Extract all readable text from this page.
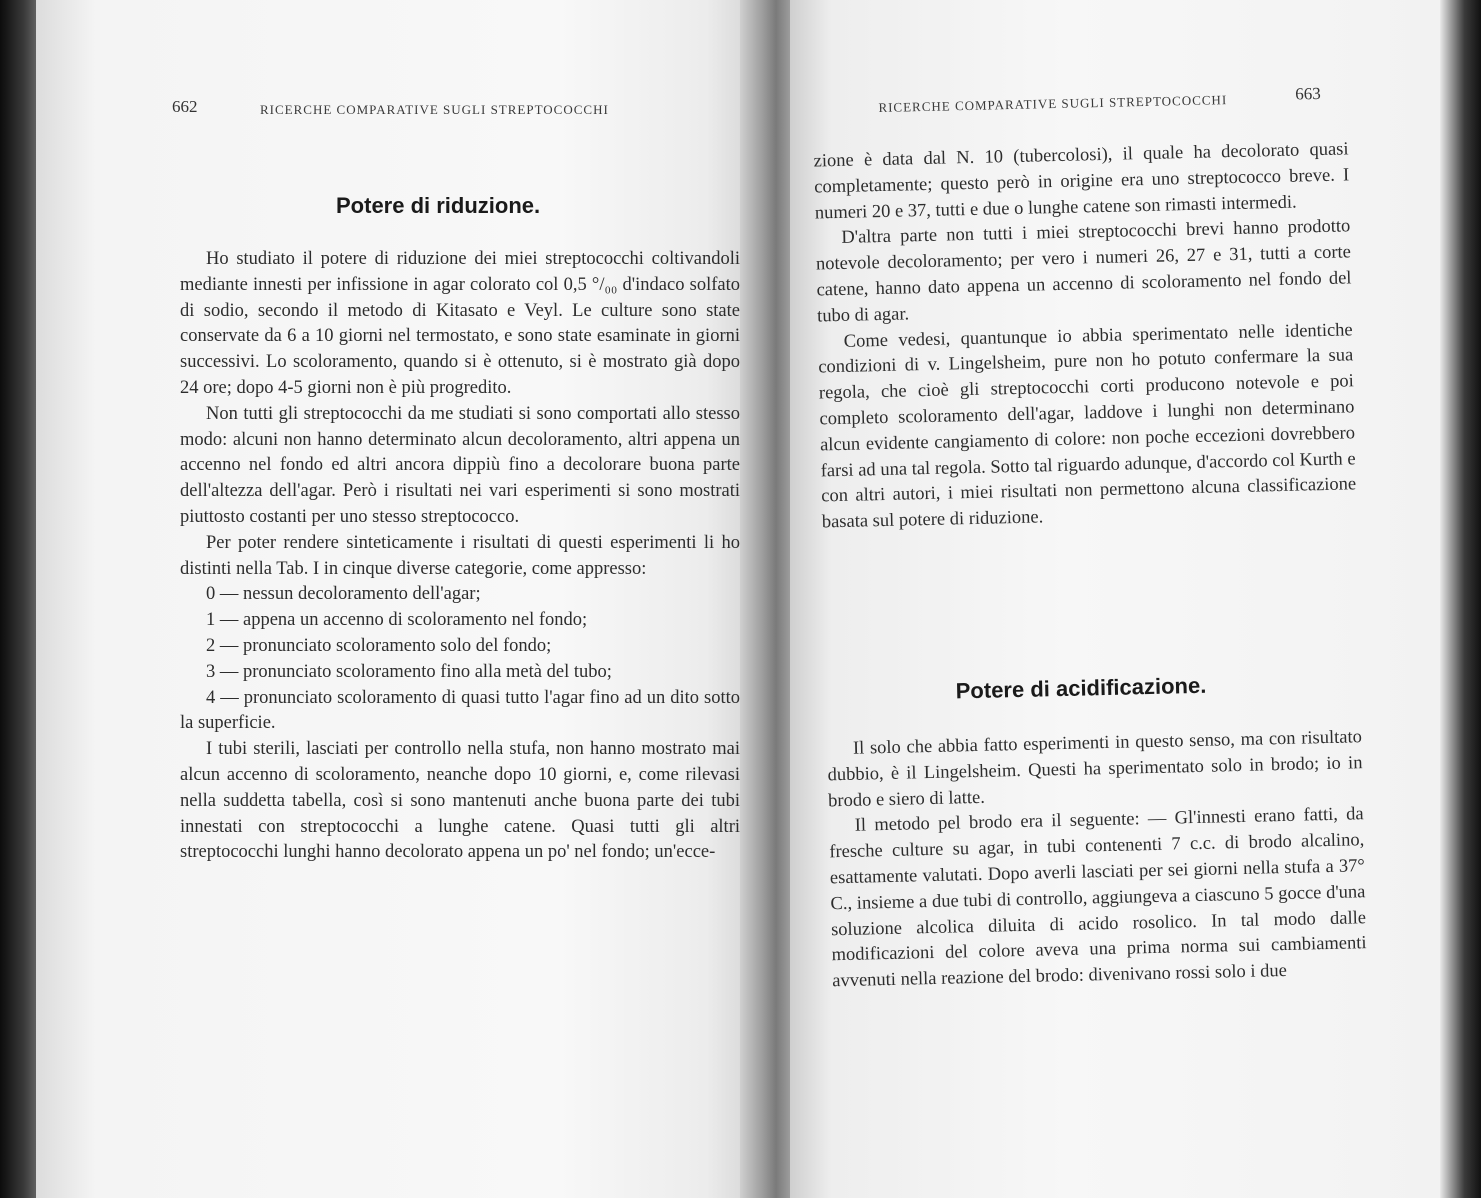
662	RICERCHE COMPARATIVE SUGLI STREPTOCOCCHI
Potere di riduzione.

Ho studiato il potere di riduzione dei miei streptococchi coltivandoli mediante innesti per infissione in agar colorato col 0,5 °/₀₀ d'indaco solfato di sodio, secondo il metodo di Kitasato e Veyl. Le culture sono state conservate da 6 a 10 giorni nel termostato, e sono state esaminate in giorni successivi. Lo scoloramento, quando si è ottenuto, si è mostrato già dopo 24 ore; dopo 4-5 giorni non è più progredito.

Non tutti gli streptococchi da me studiati si sono comportati allo stesso modo: alcuni non hanno determinato alcun decoloramento, altri appena un accenno nel fondo ed altri ancora dippiù fino a decolorare buona parte dell'altezza dell'agar. Però i risultati nei vari esperimenti si sono mostrati piuttosto costanti per uno stesso streptococco.

Per poter rendere sinteticamente i risultati di questi esperimenti li ho distinti nella Tab. I in cinque diverse categorie, come appresso:

0 — nessun decoloramento dell'agar;

1 — appena un accenno di scoloramento nel fondo;

2 — pronunciato scoloramento solo del fondo;

3 — pronunciato scoloramento fino alla metà del tubo;

4 — pronunciato scoloramento di quasi tutto l'agar fino ad un dito sotto la superficie.

I tubi sterili, lasciati per controllo nella stufa, non hanno mostrato mai alcun accenno di scoloramento, neanche dopo 10 giorni, e, come rilevasi nella suddetta tabella, così si sono mantenuti anche buona parte dei tubi innestati con streptococchi a lunghe catene. Quasi tutti gli altri streptococchi lunghi hanno decolorato appena un po' nel fondo; un'ecce-

RICERCHE COMPARATIVE SUGLI STREPTOCOCCHI	663

zione è data dal N. 10 (tubercolosi), il quale ha decolorato quasi completamente; questo però in origine era uno streptococco breve. I numeri 20 e 37, tutti e due o lunghe catene son rimasti intermedi.

D'altra parte non tutti i miei streptococchi brevi hanno prodotto notevole decoloramento; per vero i numeri 26, 27 e 31, tutti a corte catene, hanno dato appena un accenno di scoloramento nel fondo del tubo di agar.

Come vedesi, quantunque io abbia sperimentato nelle identiche condizioni di v. Lingelsheim, pure non ho potuto confermare la sua regola, che cioè gli streptococchi corti producono notevole e poi completo scoloramento dell'agar, laddove i lunghi non determinano alcun evidente cangiamento di colore: non poche eccezioni dovrebbero farsi ad una tal regola. Sotto tal riguardo adunque, d'accordo col Kurth e con altri autori, i miei risultati non permettono alcuna classificazione basata sul potere di riduzione.

Potere di acidificazione.

Il solo che abbia fatto esperimenti in questo senso, ma con risultato dubbio, è il Lingelsheim. Questi ha sperimentato solo in brodo; io in brodo e siero di latte.

Il metodo pel brodo era il seguente: — Gl'innesti erano fatti, da fresche culture su agar, in tubi contenenti 7 c.c. di brodo alcalino, esattamente valutati. Dopo averli lasciati per sei giorni nella stufa a 37° C., insieme a due tubi di controllo, aggiungeva a ciascuno 5 gocce d'una soluzione alcolica diluita di acido rosolico. In tal modo dalle modificazioni del colore aveva una prima norma sui cambiamenti avvenuti nella reazione del brodo: divenivano rossi solo i due
